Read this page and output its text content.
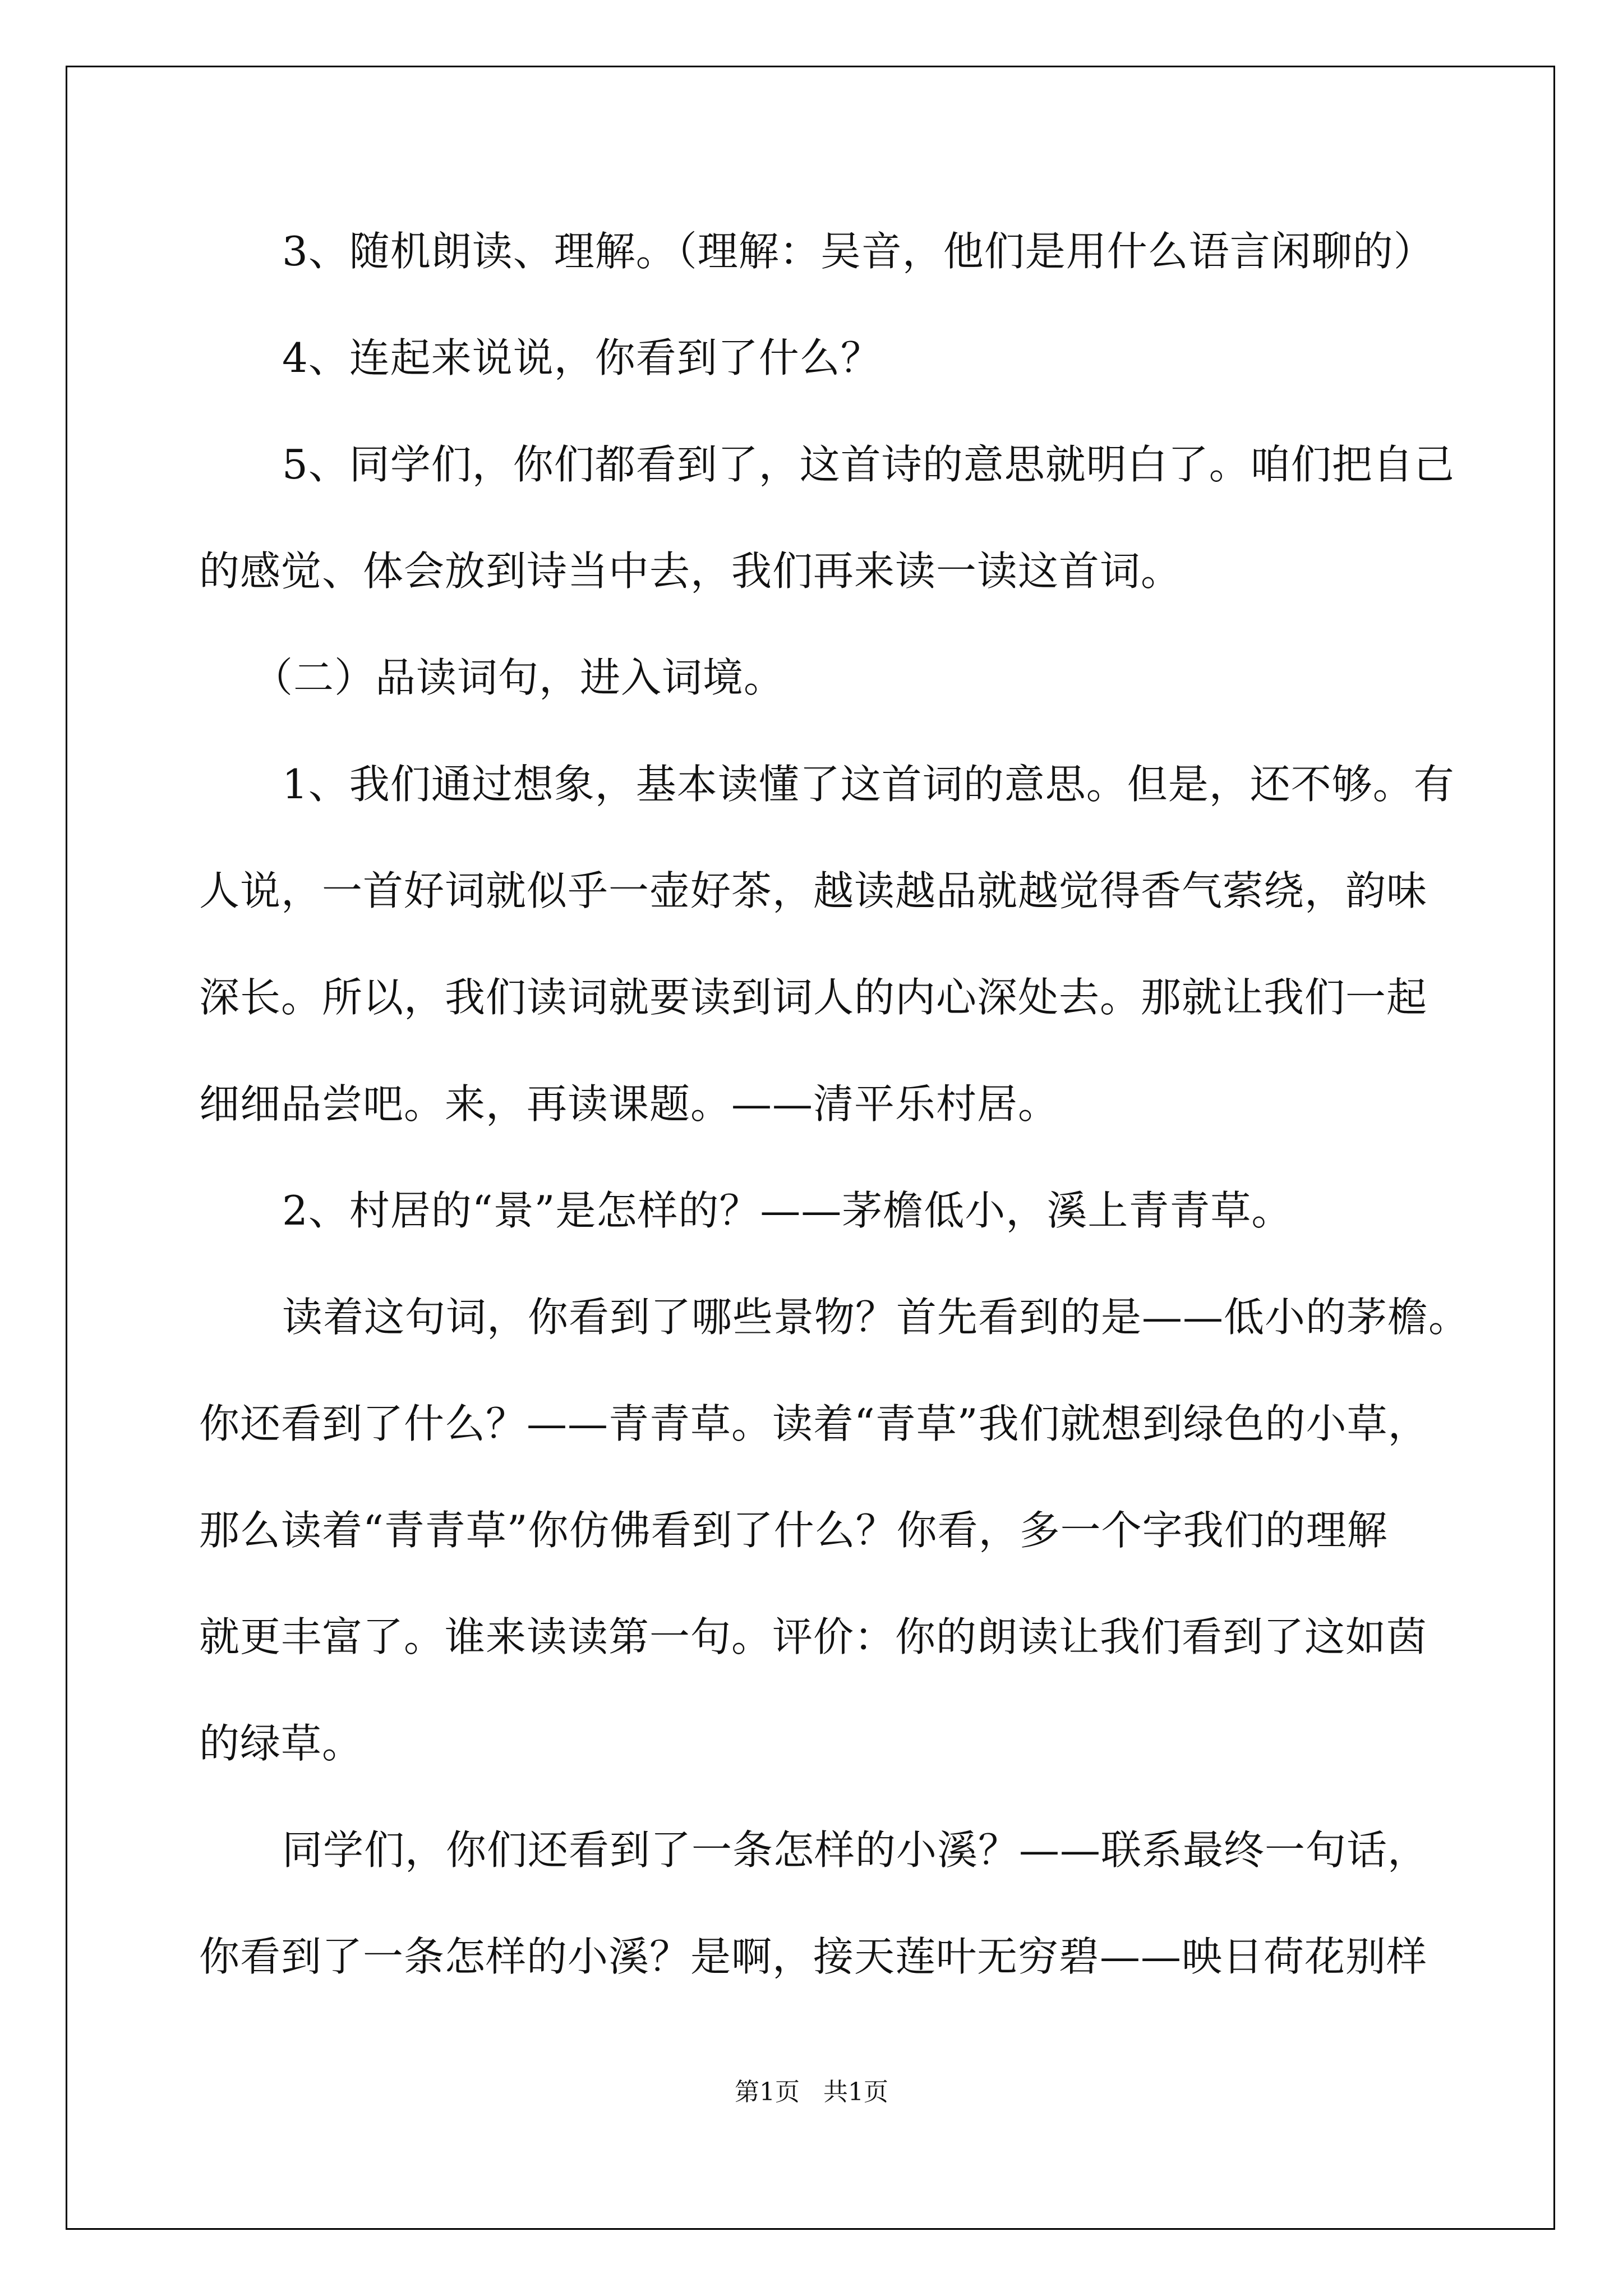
3、随机朗读、理解。（理解：吴音，他们是用什么语言闲聊的）
4、连起来说说，你看到了什么？
5、同学们，你们都看到了，这首诗的意思就明白了。咱们把自己
的感觉、体会放到诗当中去，我们再来读一读这首词。
（二）品读词句，进入词境。
1、我们通过想象，基本读懂了这首词的意思。但是，还不够。有
人说，一首好词就似乎一壶好茶，越读越品就越觉得香气萦绕，韵味
深长。所以，我们读词就要读到词人的内心深处去。那就让我们一起
细细品尝吧。来，再读课题。——清平乐村居。
2、村居的“景”是怎样的？——茅檐低小，溪上青青草。
读着这句词，你看到了哪些景物？首先看到的是——低小的茅檐。
你还看到了什么？——青青草。读着“青草”我们就想到绿色的小草，
那么读着“青青草”你仿佛看到了什么？你看，多一个字我们的理解
就更丰富了。谁来读读第一句。评价：你的朗读让我们看到了这如茵
的绿草。
同学们，你们还看到了一条怎样的小溪？——联系最终一句话，
你看到了一条怎样的小溪？是啊，接天莲叶无穷碧——映日荷花别样
第1页   共1页
